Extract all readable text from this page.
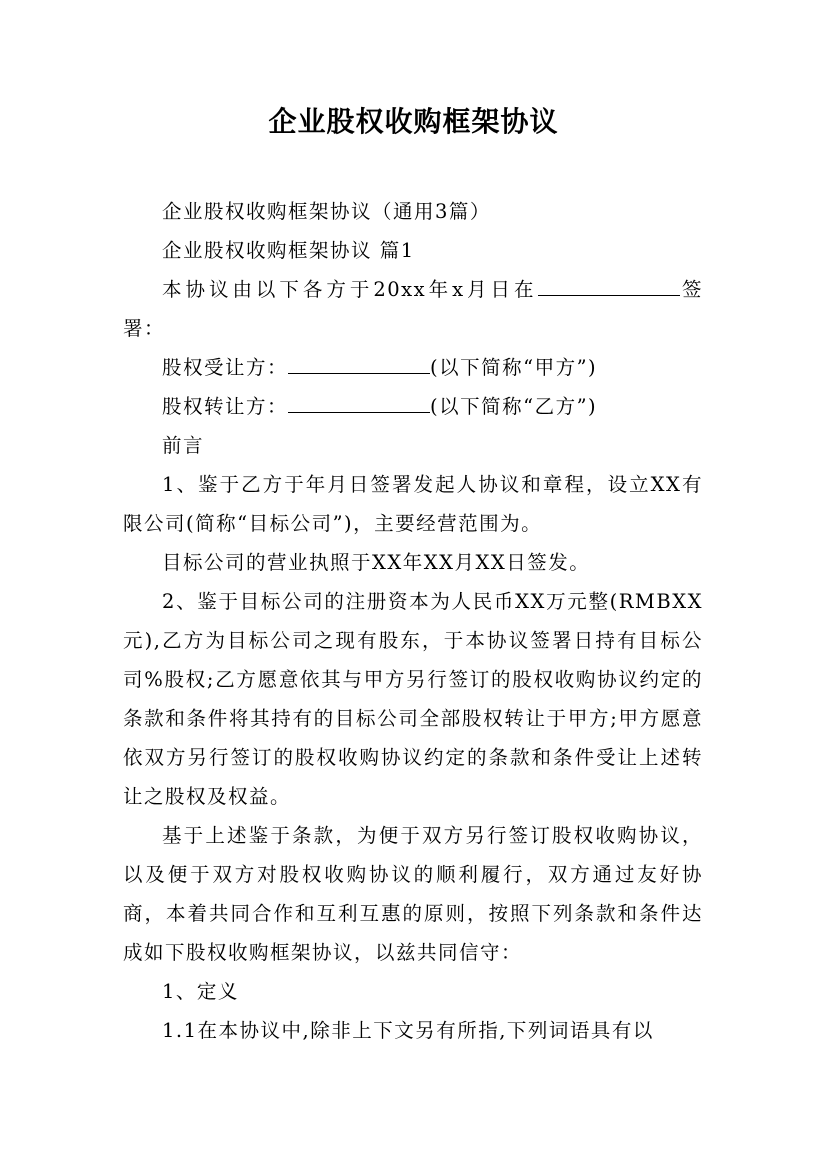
企业股权收购框架协议

企业股权收购框架协议（通用3篇）

企业股权收购框架协议 篇1

本协议由以下各方于20xx年x月日在	签署：

股权受让方：	(以下简称“甲方”)

股权转让方：	(以下简称“乙方”)

前言

1、鉴于乙方于年月日签署发起人协议和章程，设立XX有限公司(简称“目标公司”)，主要经营范围为。

目标公司的营业执照于XX年XX月XX日签发。

2、鉴于目标公司的注册资本为人民币XX万元整(RMBXX元),乙方为目标公司之现有股东，于本协议签署日持有目标公司%股权;乙方愿意依其与甲方另行签订的股权收购协议约定的条款和条件将其持有的目标公司全部股权转让于甲方;甲方愿意依双方另行签订的股权收购协议约定的条款和条件受让上述转让之股权及权益。

基于上述鉴于条款，为便于双方另行签订股权收购协议，以及便于双方对股权收购协议的顺利履行，双方通过友好协商，本着共同合作和互利互惠的原则，按照下列条款和条件达成如下股权收购框架协议，以兹共同信守：

1、定义

1.1在本协议中,除非上下文另有所指,下列词语具有以
